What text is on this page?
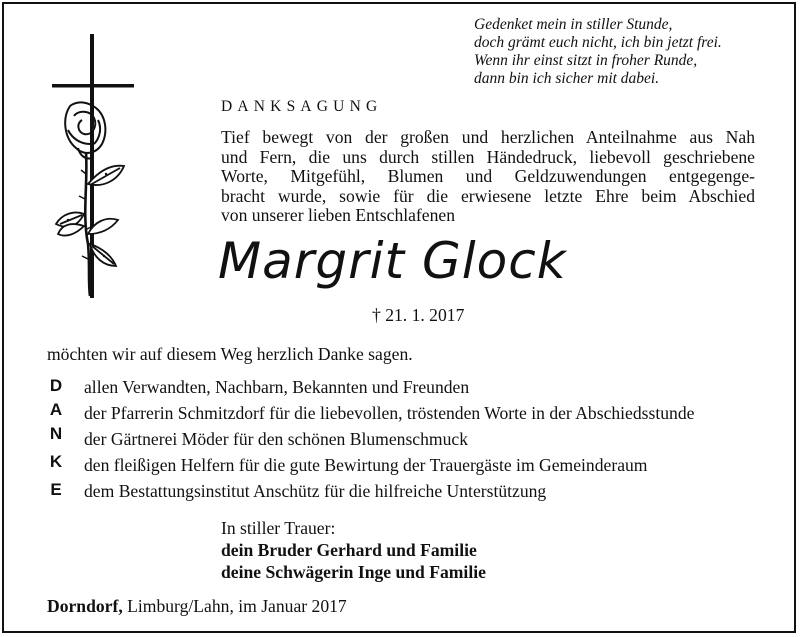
Gedenket mein in stiller Stunde,
doch grämt euch nicht, ich bin jetzt frei.
Wenn ihr einst sitzt in froher Runde,
dann bin ich sicher mit dabei.
DANKSAGUNG
Tief bewegt von der großen und herzlichen Anteilnahme aus Nah
und Fern, die uns durch stillen Händedruck, liebevoll geschriebene
Worte, Mitgefühl, Blumen und Geldzuwendungen entgegenge-
bracht wurde, sowie für die erwiesene letzte Ehre beim Abschied
von unserer lieben Entschlafenen
Margrit Glock
† 21. 1. 2017
möchten wir auf diesem Weg herzlich Danke sagen.
D
A
N
K
E
allen Verwandten, Nachbarn, Bekannten und Freunden
der Pfarrerin Schmitzdorf für die liebevollen, tröstenden Worte in der Abschiedsstunde
der Gärtnerei Möder für den schönen Blumenschmuck
den fleißigen Helfern für die gute Bewirtung der Trauergäste im Gemeinderaum
dem Bestattungsinstitut Anschütz für die hilfreiche Unterstützung
In stiller Trauer:
dein Bruder Gerhard und Familie
deine Schwägerin Inge und Familie
Dorndorf, Limburg/Lahn, im Januar 2017
